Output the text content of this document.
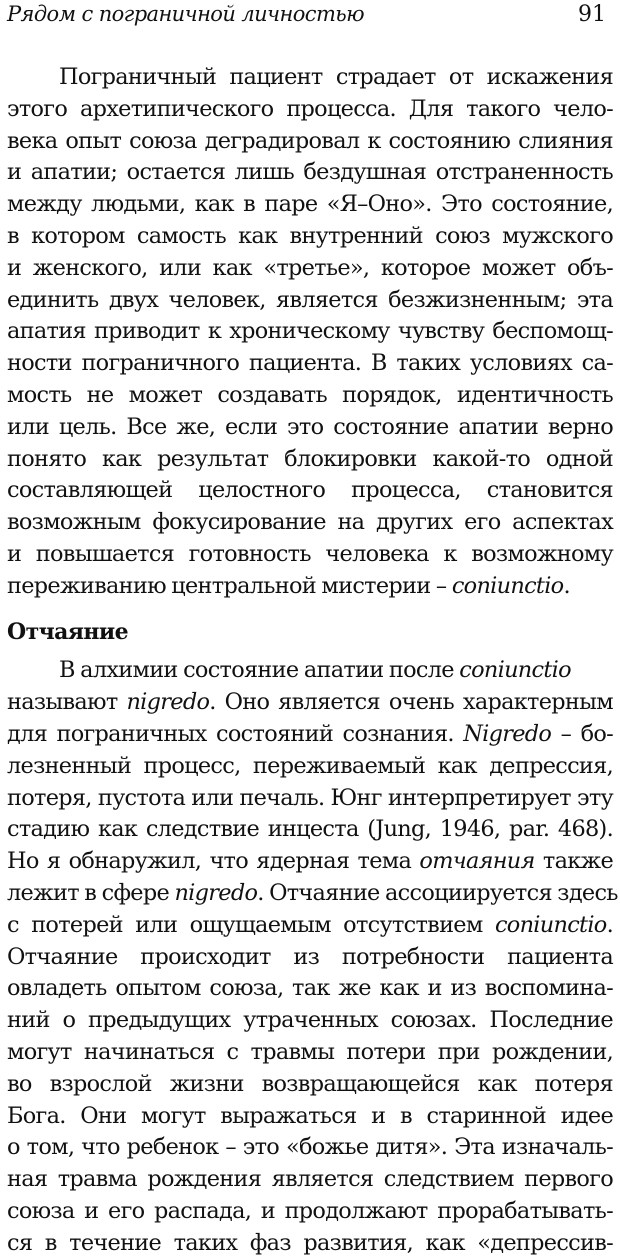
Рядом с пограничной личностью	91
Пограничный пациент страдает от искажения
этого архетипического процесса. Для такого чело-
века опыт союза деградировал к состоянию слияния
и апатии; остается лишь бездушная отстраненность
между людьми, как в паре «Я–Оно». Это состояние,
в котором самость как внутренний союз мужского
и женского, или как «третье», которое может объ-
единить двух человек, является безжизненным; эта
апатия приводит к хроническому чувству беспомощ-
ности пограничного пациента. В таких условиях са-
мость не может создавать порядок, идентичность
или цель. Все же, если это состояние апатии верно
понято как результат блокировки какой-то одной
составляющей целостного процесса, становится
возможным фокусирование на других его аспектах
и повышается готовность человека к возможному
переживанию центральной мистерии – coniunctio.
Отчаяние
В алхимии состояние апатии после coniunctio
называют nigredo. Оно является очень характерным
для пограничных состояний сознания. Nigredo – бо-
лезненный процесс, переживаемый как депрессия,
потеря, пустота или печаль. Юнг интерпретирует эту
стадию как следствие инцеста (Jung, 1946, par. 468).
Но я обнаружил, что ядерная тема отчаяния также
лежит в сфере nigredo. Отчаяние ассоциируется здесь
с потерей или ощущаемым отсутствием coniunctio.
Отчаяние происходит из потребности пациента
овладеть опытом союза, так же как и из воспомина-
ний о предыдущих утраченных союзах. Последние
могут начинаться с травмы потери при рождении,
во взрослой жизни возвращающейся как потеря
Бога. Они могут выражаться и в старинной идее
о том, что ребенок – это «божье дитя». Эта изначаль-
ная травма рождения является следствием первого
союза и его распада, и продолжают прорабатывать-
ся в течение таких фаз развития, как «депрессив-
